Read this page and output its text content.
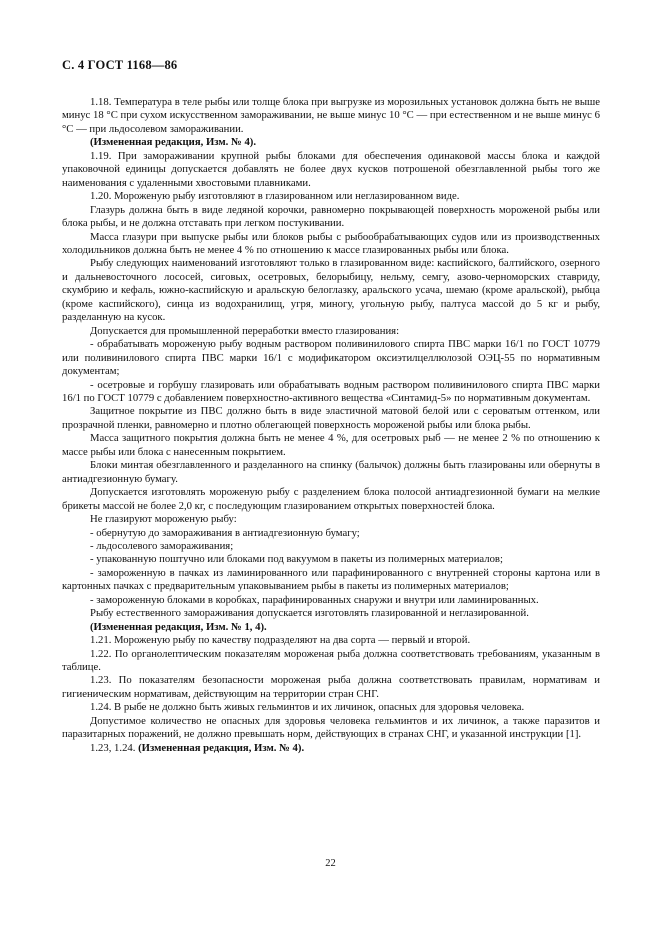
С. 4 ГОСТ 1168—86

1.18. Температура в теле рыбы или толще блока при выгрузке из морозильных установок должна быть не выше минус 18 °С при сухом искусственном замораживании, не выше минус 10 °С — при естественном и не выше минус 6 °С — при льдосолевом замораживании.

(Измененная редакция, Изм. № 4).

1.19. При замораживании крупной рыбы блоками для обеспечения одинаковой массы блока и каждой упаковочной единицы допускается добавлять не более двух кусков потрошеной обезглавленной рыбы того же наименования с удаленными хвостовыми плавниками.

1.20. Мороженую рыбу изготовляют в глазированном или неглазированном виде.

Глазурь должна быть в виде ледяной корочки, равномерно покрывающей поверхность мороженой рыбы или блока рыбы, и не должна отставать при легком постукивании.

Масса глазури при выпуске рыбы или блоков рыбы с рыбообрабатывающих судов или из производственных холодильников должна быть не менее 4 % по отношению к массе глазированных рыбы или блока.

Рыбу следующих наименований изготовляют только в глазированном виде: каспийского, балтийского, озерного и дальневосточного лососей, сиговых, осетровых, белорыбицу, нельму, семгу, азово-черноморских ставриду, скумбрию и кефаль, южно-каспийскую и аральскую белоглазку, аральского усача, шемаю (кроме аральской), рыбца (кроме каспийского), синца из водохранилищ, угря, миногу, угольную рыбу, палтуса массой до 5 кг и рыбу, разделанную на кусок.

Допускается для промышленной переработки вместо глазирования:

- обрабатывать мороженую рыбу водным раствором поливинилового спирта ПВС марки 16/1 по ГОСТ 10779 или поливинилового спирта ПВС марки 16/1 с модификатором оксиэтилцеллюлозой ОЭЦ-55 по нормативным документам;

- осетровые и горбушу глазировать или обрабатывать водным раствором поливинилового спирта ПВС марки 16/1 по ГОСТ 10779 с добавлением поверхностно-активного вещества «Синтамид-5» по нормативным документам.

Защитное покрытие из ПВС должно быть в виде эластичной матовой белой или с сероватым оттенком, или прозрачной пленки, равномерно и плотно облегающей поверхность мороженой рыбы или блока рыбы.

Масса защитного покрытия должна быть не менее 4 %, для осетровых рыб — не менее 2 % по отношению к массе рыбы или блока с нанесенным покрытием.

Блоки минтая обезглавленного и разделанного на спинку (балычок) должны быть глазированы или обернуты в антиадгезионную бумагу.

Допускается изготовлять мороженую рыбу с разделением блока полосой антиадгезионной бумаги на мелкие брикеты массой не более 2,0 кг, с последующим глазированием открытых поверхностей блока.

Не глазируют мороженую рыбу:

- обернутую до замораживания в антиадгезионную бумагу;

- льдосолевого замораживания;

- упакованную поштучно или блоками под вакуумом в пакеты из полимерных материалов;

- замороженную в пачках из ламинированного или парафинированного с внутренней стороны картона или в картонных пачках с предварительным упаковыванием рыбы в пакеты из полимерных материалов;

- замороженную блоками в коробках, парафинированных снаружи и внутри или ламинированных.

Рыбу естественного замораживания допускается изготовлять глазированной и неглазированной.

(Измененная редакция, Изм. № 1, 4).

1.21. Мороженую рыбу по качеству подразделяют на два сорта — первый и второй.

1.22. По органолептическим показателям мороженая рыба должна соответствовать требованиям, указанным в таблице.

1.23. По показателям безопасности мороженая рыба должна соответствовать правилам, нормативам и гигиеническим нормативам, действующим на территории стран СНГ.

1.24. В рыбе не должно быть живых гельминтов и их личинок, опасных для здоровья человека.

Допустимое количество не опасных для здоровья человека гельминтов и их личинок, а также паразитов и паразитарных поражений, не должно превышать норм, действующих в странах СНГ, и указанной инструкции [1].

1.23, 1.24. (Измененная редакция, Изм. № 4).

22
